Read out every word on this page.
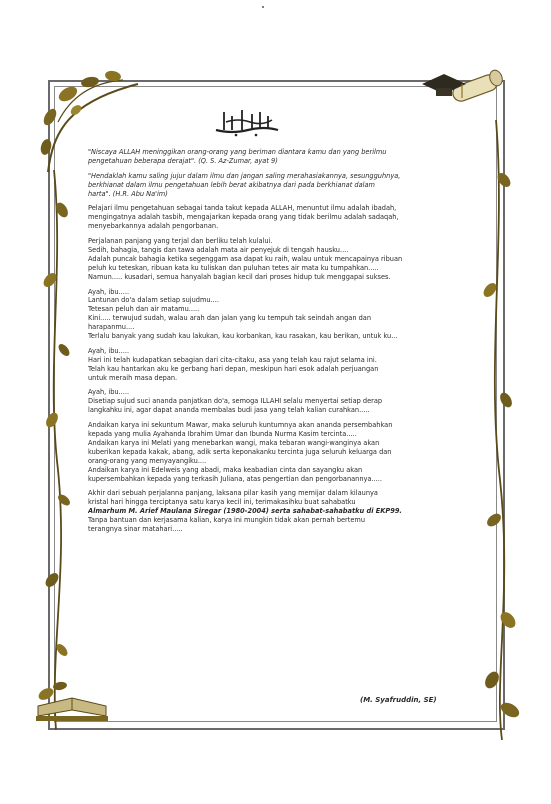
"Niscaya ALLAH meninggikan orang-orang yang beriman diantara kamu dan yang berilmu
pengetahuan beberapa derajat". (Q. S. Az-Zumar, ayat 9)
"Hendaklah kamu saling jujur dalam ilmu dan jangan saling merahasiakannya, sesungguhnya,
berkhianat dalam ilmu pengetahuan lebih berat akibatnya dari pada berkhianat dalam
harta". (H.R. Abu Na'im)
Pelajari ilmu pengetahuan sebagai tanda takut kepada ALLAH, menuntut ilmu adalah ibadah,
mengingatnya adalah tasbih, mengajarkan kepada orang yang tidak berilmu adalah sadaqah,
menyebarkannya adalah pengorbanan.
Perjalanan panjang yang terjal dan berliku telah kulalui.
Sedih, bahagia, tangis dan tawa adalah mata air penyejuk di tengah hausku....
Adalah puncak bahagia ketika segenggam asa dapat ku raih, walau untuk mencapainya ribuan
peluh ku teteskan, ribuan kata ku tuliskan dan puluhan tetes air mata ku tumpahkan.....
Namun..... kusadari, semua hanyalah bagian kecil dari proses hidup tuk menggapai sukses.
Ayah, ibu.....
Lantunan do'a dalam setiap sujudmu....
Tetesan peluh dan air matamu.....
Kini..... terwujud sudah, walau arah dan jalan yang ku tempuh tak seindah angan dan
harapanmu....
Terlalu banyak yang sudah kau lakukan, kau korbankan, kau rasakan, kau berikan, untuk ku...
Ayah, ibu.....
Hari ini telah kudapatkan sebagian dari cita-citaku, asa yang telah kau rajut selama ini.
Telah kau hantarkan aku ke gerbang hari depan, meskipun hari esok adalah perjuangan
untuk meraih masa depan.
Ayah, ibu.....
Disetiap sujud suci ananda panjatkan do'a, semoga ILLAHI selalu menyertai setiap derap
langkahku ini, agar dapat ananda membalas budi jasa yang telah kalian curahkan.....
Andaikan karya ini sekuntum Mawar, maka seluruh kuntumnya akan ananda persembahkan
kepada yang mulia Ayahanda Ibrahim Umar dan Ibunda Nurma Kasim tercinta.....
Andaikan karya ini Melati yang menebarkan wangi, maka tebaran wangi-wanginya akan
kuberikan kepada kakak, abang, adik serta keponakanku tercinta juga seluruh keluarga dan
orang-orang yang menyayangiku....
Andaikan karya ini Edelweis yang abadi, maka keabadian cinta dan sayangku akan
kupersembahkan kepada yang terkasih Juliana, atas pengertian dan pengorbanannya.....
Akhir dari sebuah perjalanna panjang, laksana pilar kasih yang memijar dalam kilaunya
kristal hari hingga terciptanya satu karya kecil ini, terimakasihku buat sahabatku
Almarhum M. Arief Maulana Siregar (1980-2004) serta sahabat-sahabatku di EKP99.
Tanpa bantuan dan kerjasama kalian, karya ini mungkin tidak akan pernah bertemu
terangnya sinar matahari.....
(M. Syafruddin, SE)
